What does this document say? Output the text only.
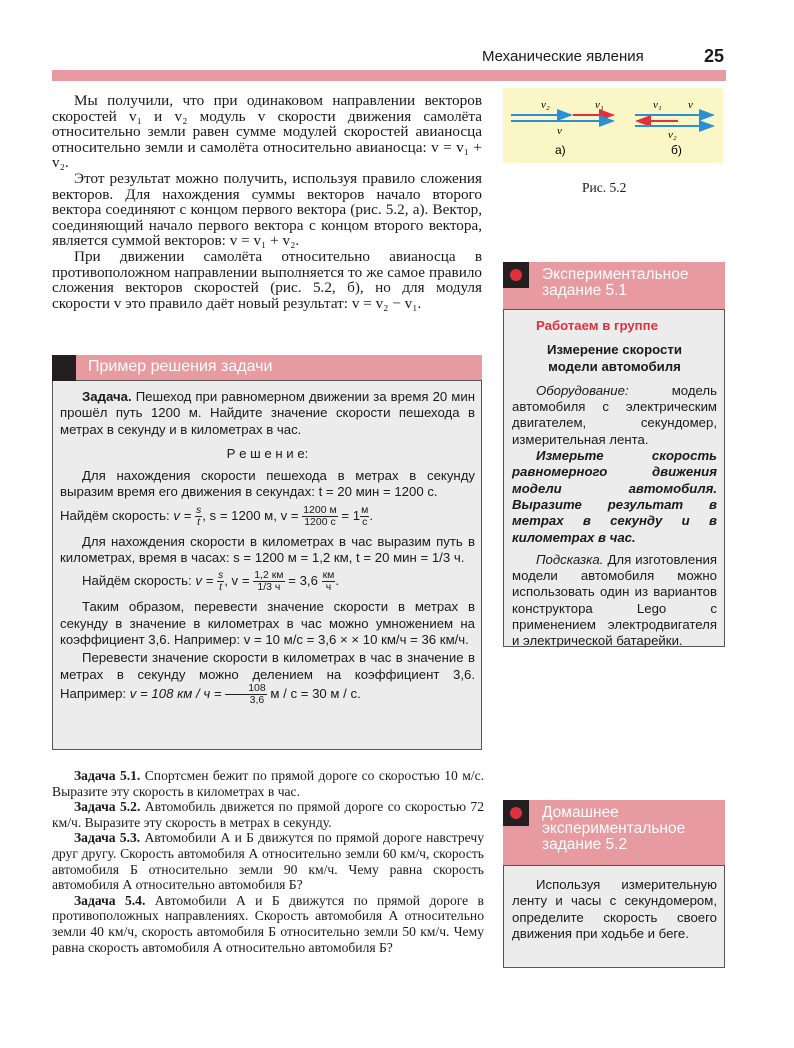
Механические явления	25

Мы получили, что при одинаковом направлении векторов скоростей v₁ и v₂ модуль v скорости движения самолёта относительно земли равен сумме модулей скоростей авианосца относительно земли и самолёта относительно авианосца: v = v₁ + v₂.

Этот результат можно получить, используя правило сложения векторов. Для нахождения суммы векторов начало второго вектора соединяют с концом первого вектора (рис. 5.2, а). Вектор, соединяющий начало первого вектора с концом второго вектора, является суммой векторов: v = v₁ + v₂.

При движении самолёта относительно авианосца в противоположном направлении выполняется то же самое правило сложения векторов скоростей (рис. 5.2, б), но для модуля скорости v это правило даёт новый результат: v = v₂ − v₁.

v₂	v₁
v
v₁ v
v₂
а)	б)
Рис. 5.2
Пример решения задачи

Задача. Пешеход при равномерном движении за время 20 мин прошёл путь 1200 м. Найдите значение скорости пешехода в метрах в секунду и в километрах в час.

Р е ш е н и е:

Для нахождения скорости пешехода в метрах в секунду выразим время его движения в секундах: t = 20 мин = 1200 с.

Найдём скорость: $v = \frac{s}{t}$ , s = 1200 м, $v = \frac{1200 м}{1200 с} = 1 \frac{м}{с}$ .

Для нахождения скорости в километрах в час выразим путь в километрах, время в часах: s = 1200 м = 1,2 км, t = 20 мин = 1/3 ч.

Найдём скорость: $v = \frac{s}{t}$ , $v = \frac{1,2 км}{1/3 ч} = 3,6 \frac{км}{ч}$ .

Таким образом, перевести значение скорости в метрах в секунду в значение в километрах в час можно умножением на коэффициент 3,6. Например: v = 10 м/с = 3,6 × × 10 км/ч = 36 км/ч.

Перевести значение скорости в километрах в час в значение в метрах в секунду можно делением на коэффициент 3,6. Например: v = 108 км / $ч = \frac{108}{3,6}$ м / с = 30 м / с.

Задача 5.1. Спортсмен бежит по прямой дороге со скоростью 10 м/с. Выразите эту скорость в километрах в час.

Задача 5.2. Автомобиль движется по прямой дороге со скоростью 72 км/ч. Выразите эту скорость в метрах в секунду.

Задача 5.3. Автомобили А и Б движутся по прямой дороге навстречу друг другу. Скорость автомобиля А относительно земли 60 км/ч, скорость автомобиля Б относительно земли 90 км/ч. Чему равна скорость автомобиля А относительно автомобиля Б?

Задача 5.4. Автомобили А и Б движутся по прямой дороге в противоположных направлениях. Скорость автомобиля А относительно земли 40 км/ч, скорость автомобиля Б относительно земли 50 км/ч. Чему равна скорость автомобиля А относительно автомобиля Б?

Экспериментальное
задание 5.1

Работаем в группе

Измерение скорости
модели автомобиля

Оборудование:	модель автомобиля с электрическим двигателем, секундомер, измерительная лента.

Измерьте скорость равномерного движения модели автомобиля. Выразите результат в метрах в секунду и в километрах в час.

Подсказка. Для изготовления модели автомобиля можно использовать один из вариантов конструктора Lego с применением электродвигателя и электрической батарейки.

Домашнее
экспериментальное
задание 5.2
Используя измерительную ленту и часы с секундомером, определите скорость своего движения при ходьбе и беге.
